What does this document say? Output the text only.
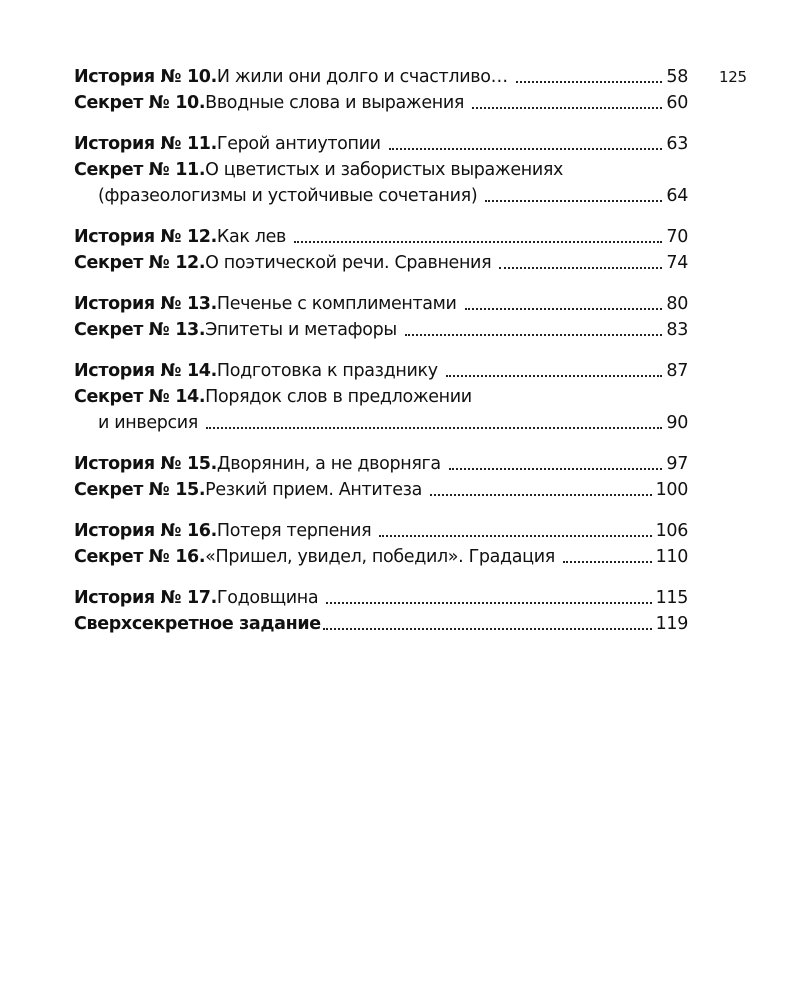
125
История № 10. И жили они долго и счастливо…	58
Секрет № 10. Вводные слова и выражения	60
История № 11. Герой антиутопии	63
Секрет № 11. О цветистых и забористых выражениях
(фразеологизмы и устойчивые сочетания)	64
История № 12. Как лев	70
Секрет № 12. О поэтической речи. Сравнения	74
История № 13. Печенье с комплиментами	80
Секрет № 13. Эпитеты и метафоры	83
История № 14. Подготовка к празднику	87
Секрет № 14. Порядок слов в предложении
и инверсия	90
История № 15. Дворянин, а не дворняга	97
Секрет № 15. Резкий прием. Антитеза	100
История № 16. Потеря терпения	106
Секрет № 16. «Пришел, увидел, победил». Градация	110
История № 17. Годовщина	115
Сверхсекретное задание	119
